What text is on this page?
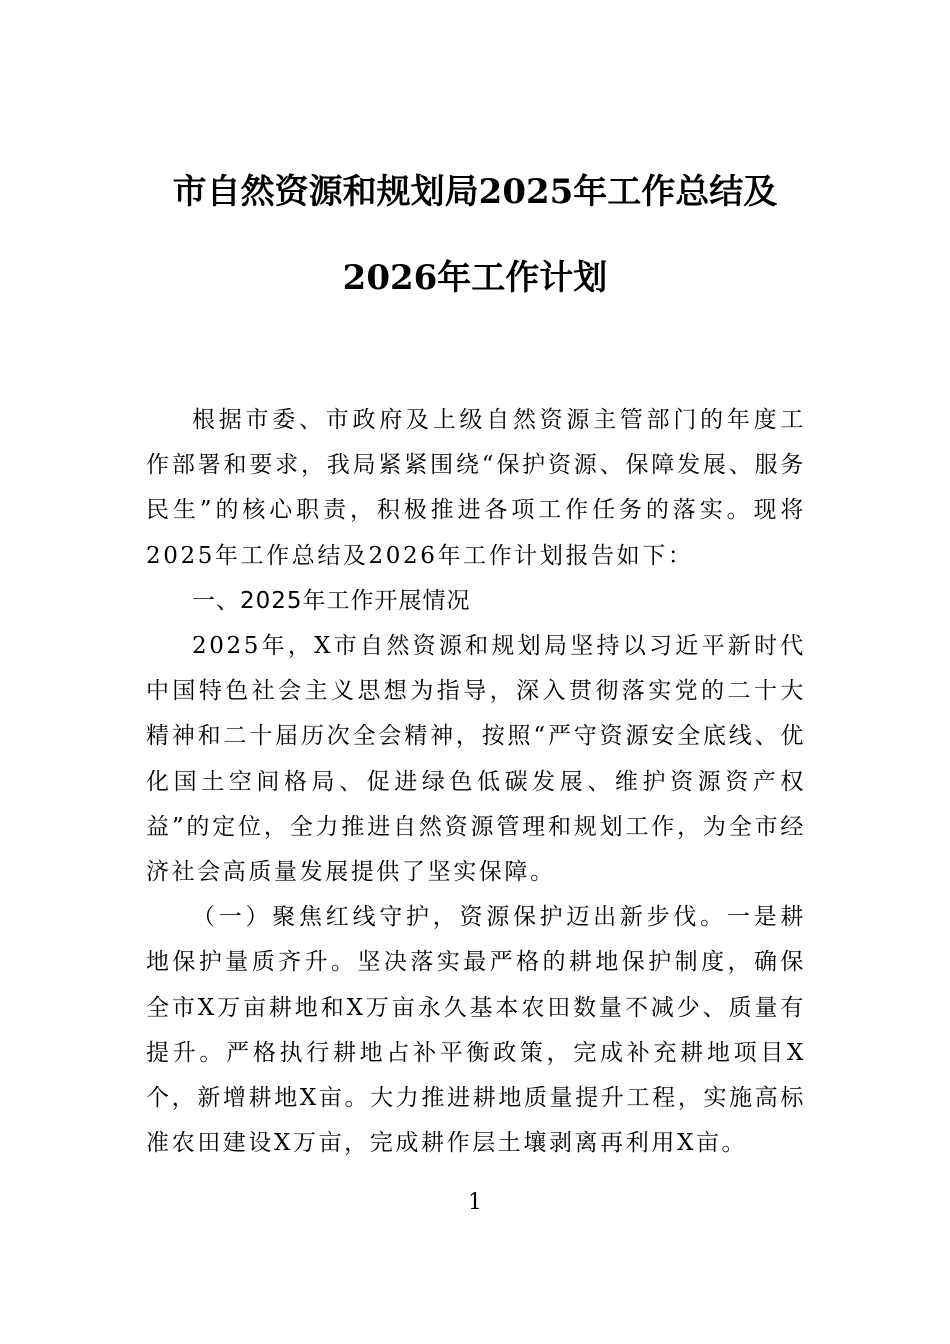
市自然资源和规划局2025年工作总结及
2026年工作计划

根据市委、市政府及上级自然资源主管部门的年度工作部署和要求，我局紧紧围绕“保护资源、保障发展、服务民生”的核心职责，积极推进各项工作任务的落实。现将2025年工作总结及2026年工作计划报告如下：

一、2025年工作开展情况

2025年，X市自然资源和规划局坚持以习近平新时代中国特色社会主义思想为指导，深入贯彻落实党的二十大精神和二十届历次全会精神，按照“严守资源安全底线、优化国土空间格局、促进绿色低碳发展、维护资源资产权益”的定位，全力推进自然资源管理和规划工作，为全市经济社会高质量发展提供了坚实保障。

（一）聚焦红线守护，资源保护迈出新步伐。一是耕地保护量质齐升。坚决落实最严格的耕地保护制度，确保全市X万亩耕地和X万亩永久基本农田数量不减少、质量有提升。严格执行耕地占补平衡政策，完成补充耕地项目X个，新增耕地X亩。大力推进耕地质量提升工程，实施高标准农田建设X万亩，完成耕作层土壤剥离再利用X亩。

1
